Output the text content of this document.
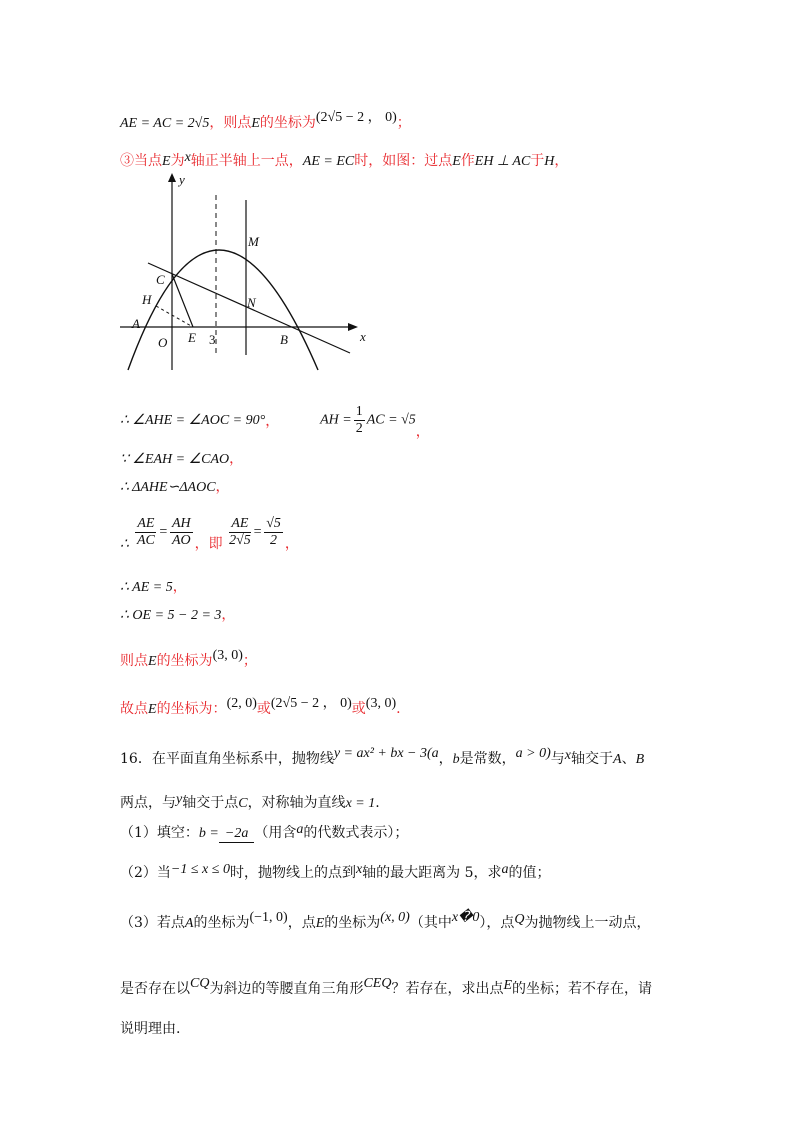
AE = AC = 2√5，则点E的坐标为(2√5 − 2 ， 0)；
③当点E为x轴正半轴上一点，AE = EC时，如图：过点E作EH ⊥ AC于H，
y
x
M
C
H	N
A
O E 3	B
∴ ∠AHE = ∠AOC = 90°，	AH = $\frac{1}{2}$ AC = √5，
∵ ∠EAH = ∠CAO，
∴ ΔAHE∽ΔAOC，
∴ $\frac{AE}{AC} = \frac{AH}{AO}$ ，即 $\frac{AE}{2√5} = \frac{√5}{2}$ ，
∴ AE = 5，
∴ OE = 5 − 2 = 3，
则点E的坐标为(3, 0)；
故点E的坐标为：(2, 0)或(2√5 − 2 ， 0)或(3, 0).
16．在平面直角坐标系中，抛物线y = ax² + bx − 3(a，b是常数，a > 0)与x轴交于A、B
两点，与y轴交于点C，对称轴为直线x = 1.
（1）填空：b = −2a （用含a的代数式表示）；
（2）当−1 ≤ x ≤ 0时，抛物线上的点到x轴的最大距离为 5，求a的值；
（3）若点A的坐标为(−1, 0)，点E的坐标为(x, 0)（其中x�0），点Q为抛物线上一动点，
是否存在以CQ为斜边的等腰直角三角形CEQ？若存在，求出点E的坐标；若不存在，请
说明理由.
